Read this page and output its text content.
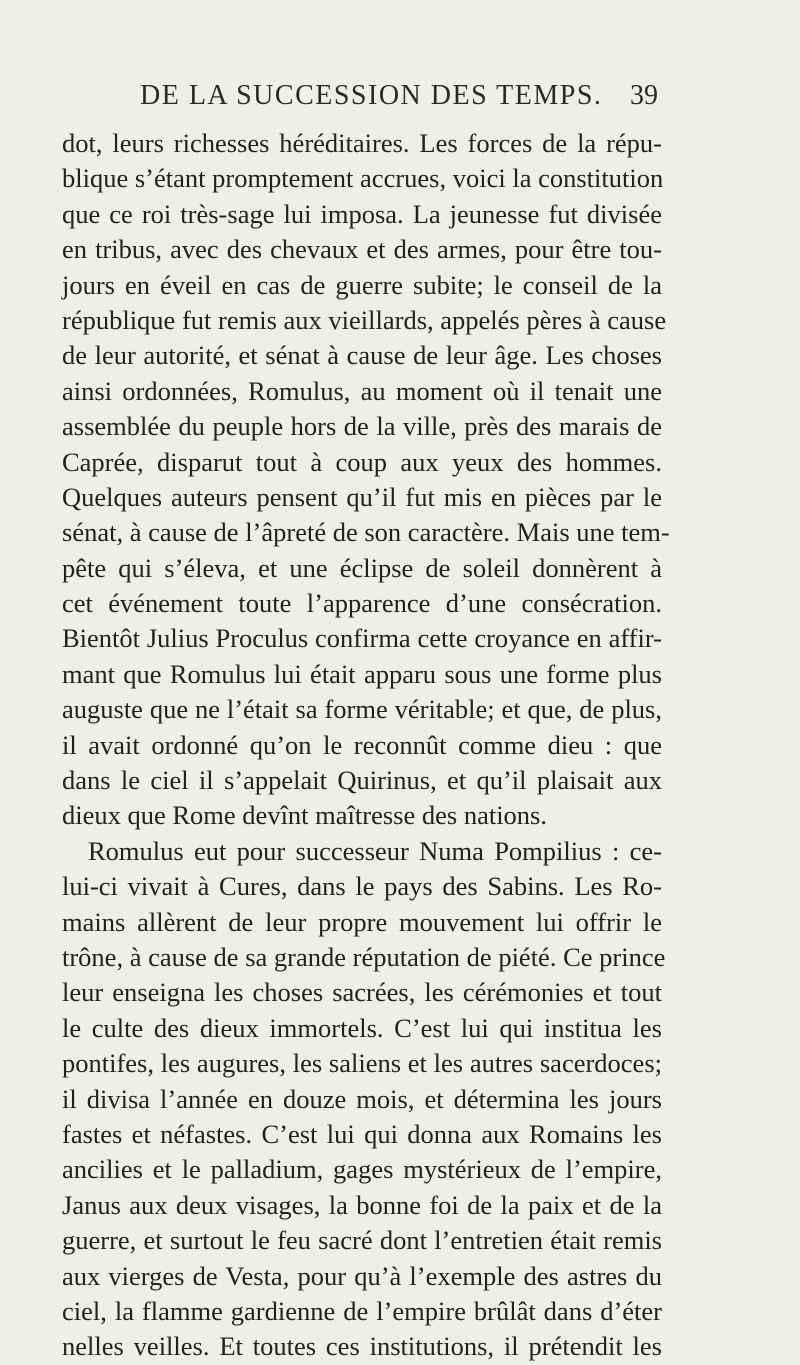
DE LA SUCCESSION DES TEMPS. 39
dot, leurs richesses héréditaires. Les forces de la répu-
blique s’étant promptement accrues, voici la constitution
que ce roi très-sage lui imposa. La jeunesse fut divisée
en tribus, avec des chevaux et des armes, pour être tou-
jours en éveil en cas de guerre subite; le conseil de la
république fut remis aux vieillards, appelés pères à cause
de leur autorité, et sénat à cause de leur âge. Les choses
ainsi ordonnées, Romulus, au moment où il tenait une
assemblée du peuple hors de la ville, près des marais de
Caprée, disparut tout à coup aux yeux des hommes.
Quelques auteurs pensent qu’il fut mis en pièces par le
sénat, à cause de l’âpreté de son caractère. Mais une tem-
pête qui s’éleva, et une éclipse de soleil donnèrent à
cet événement toute l’apparence d’une consécration.
Bientôt Julius Proculus confirma cette croyance en affir-
mant que Romulus lui était apparu sous une forme plus
auguste que ne l’était sa forme véritable; et que, de plus,
il avait ordonné qu’on le reconnût comme dieu : que
dans le ciel il s’appelait Quirinus, et qu’il plaisait aux
dieux que Rome devînt maîtresse des nations.
Romulus eut pour successeur Numa Pompilius : ce-
lui-ci vivait à Cures, dans le pays des Sabins. Les Ro-
mains allèrent de leur propre mouvement lui offrir le
trône, à cause de sa grande réputation de piété. Ce prince
leur enseigna les choses sacrées, les cérémonies et tout
le culte des dieux immortels. C’est lui qui institua les
pontifes, les augures, les saliens et les autres sacerdoces;
il divisa l’année en douze mois, et détermina les jours
fastes et néfastes. C’est lui qui donna aux Romains les
ancilies et le palladium, gages mystérieux de l’empire,
Janus aux deux visages, la bonne foi de la paix et de la
guerre, et surtout le feu sacré dont l’entretien était remis
aux vierges de Vesta, pour qu’à l’exemple des astres du
ciel, la flamme gardienne de l’empire brûlât dans d’éter
nelles veilles. Et toutes ces institutions, il prétendit les
